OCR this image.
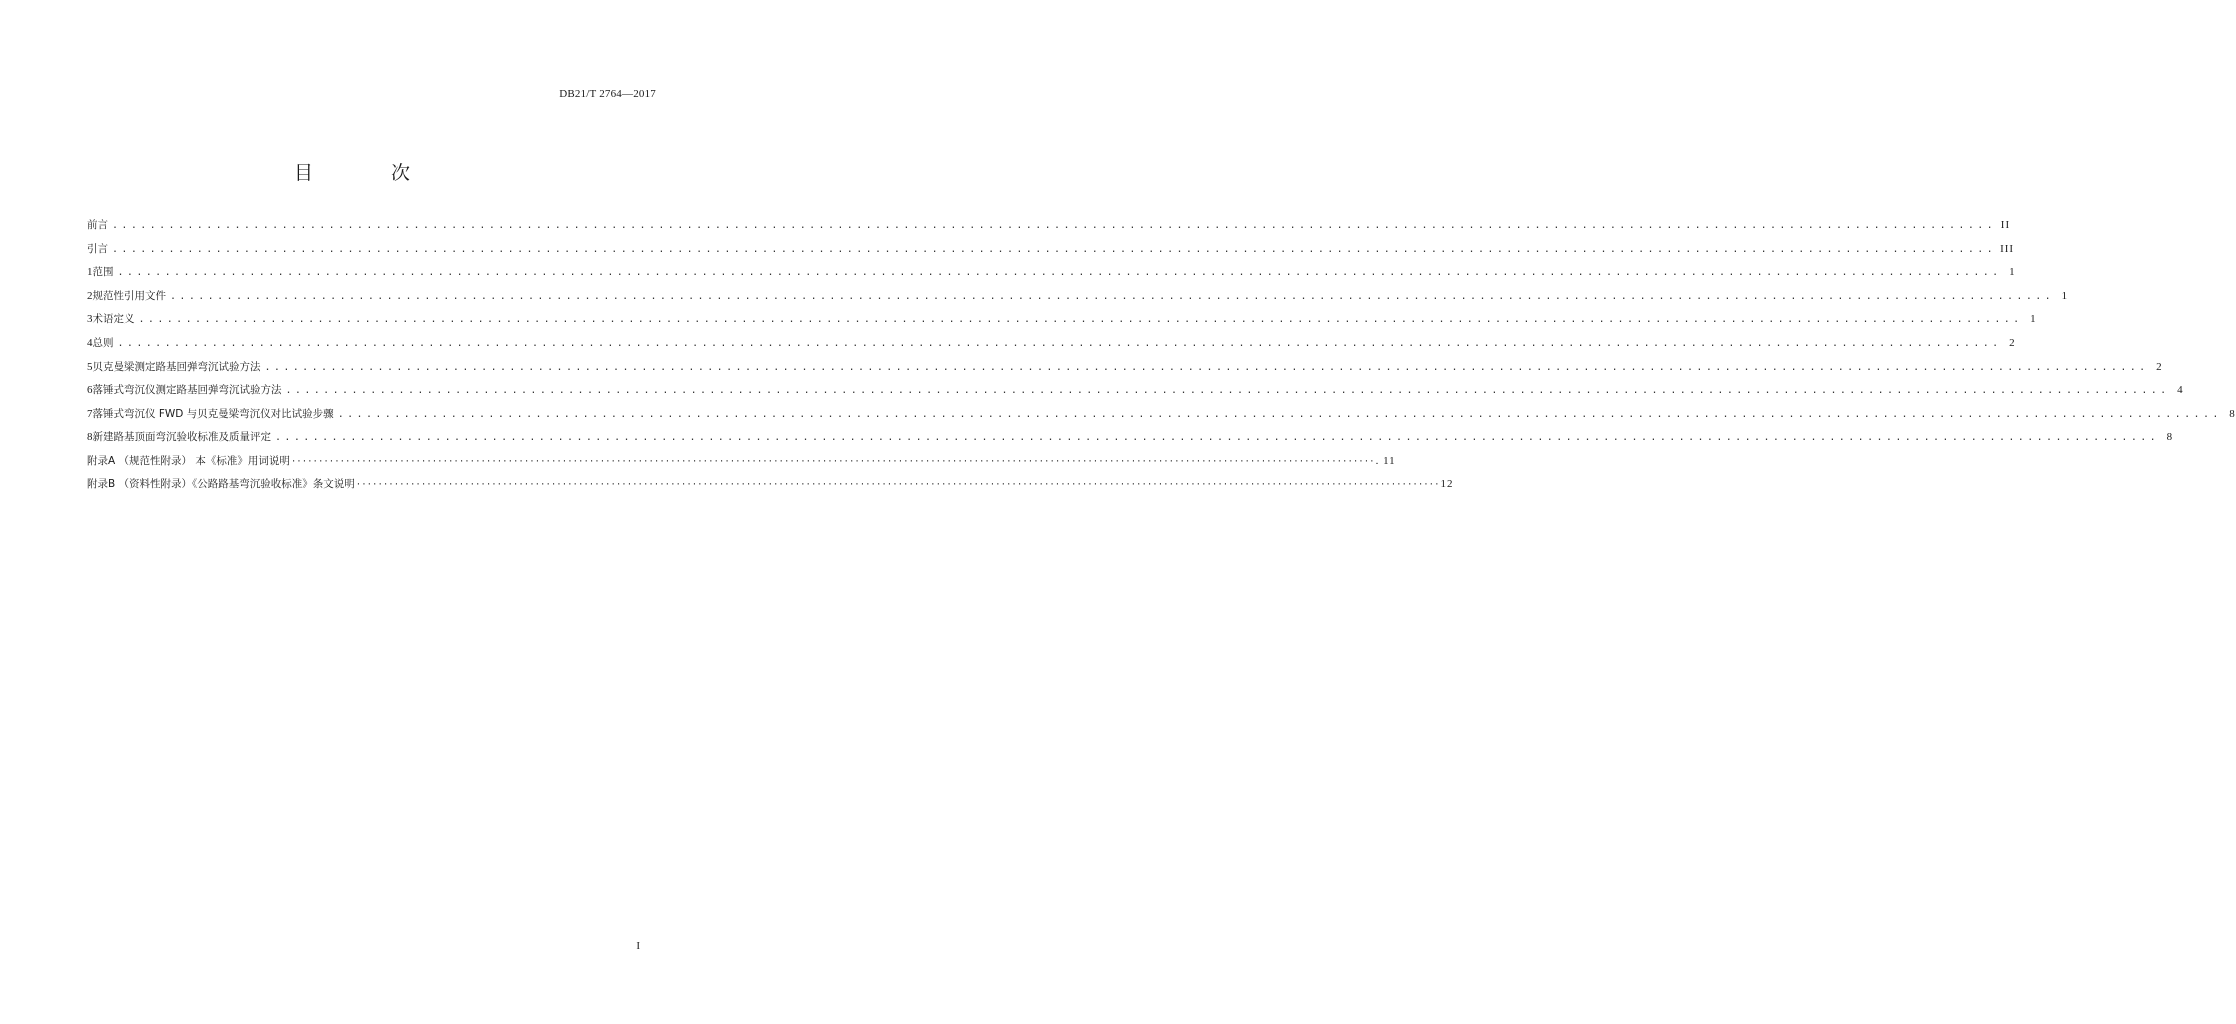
DB21/T 2764—2017
目 次
前言 ........................................................................................................................................................................................................ II
引言 ........................................................................................................................................................................................................ III
1 范围 ........................................................................................................................................................................................................ 1
2 规范性引用文件 ........................................................................................................................................................................................................ 1
3 术语定义 ........................................................................................................................................................................................................ 1
4 总则 ........................................................................................................................................................................................................ 2
5 贝克曼梁测定路基回弹弯沉试验方法 ........................................................................................................................................................................................................ 2
6 落锤式弯沉仪测定路基回弹弯沉试验方法 ........................................................................................................................................................................................................ 4
7 落锤式弯沉仪 FWD 与贝克曼梁弯沉仪对比试验步骤 ........................................................................................................................................................................................................ 8
8 新建路基顶面弯沉验收标准及质量评定 ........................................................................................................................................................................................................ 8
附录A （规范性附录） 本《标准》用词说明 ········································································································································································································ . 11
附录B （资料性附录）《公路路基弯沉验收标准》条文说明 ········································································································································································································ 12
I
